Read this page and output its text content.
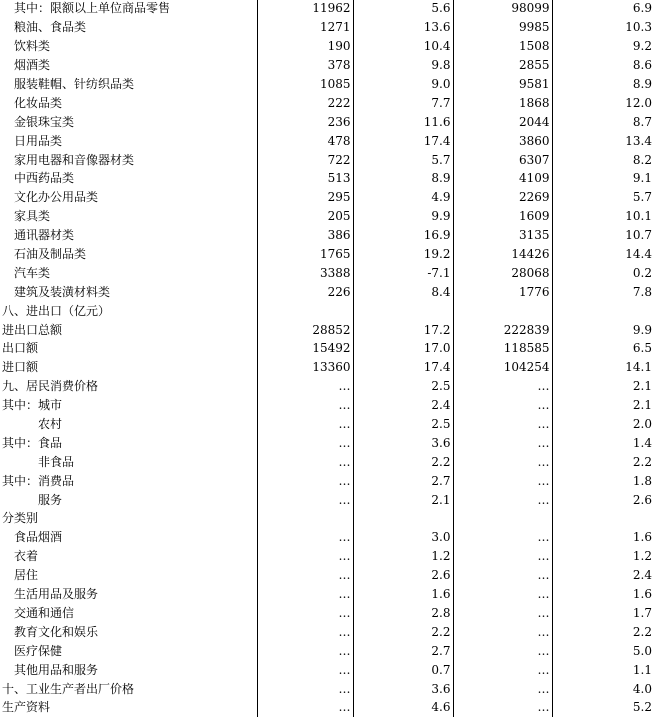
其中：限额以上单位商品零售	11962	5.6	98099	6.9
粮油、食品类	1271	13.6	9985	10.3
饮料类	190	10.4	1508	9.2
烟酒类	378	9.8	2855	8.6
服装鞋帽、针纺织品类	1085	9.0	9581	8.9
化妆品类	222	7.7	1868	12.0
金银珠宝类	236	11.6	2044	8.7
日用品类	478	17.4	3860	13.4
家用电器和音像器材类	722	5.7	6307	8.2
中西药品类	513	8.9	4109	9.1
文化办公用品类	295	4.9	2269	5.7
家具类	205	9.9	1609	10.1
通讯器材类	386	16.9	3135	10.7
石油及制品类	1765	19.2	14426	14.4
汽车类	3388	-7.1	28068	0.2
建筑及装潢材料类	226	8.4	1776	7.8
八、进出口（亿元）				
进出口总额	28852	17.2	222839	9.9
出口额	15492	17.0	118585	6.5
进口额	13360	17.4	104254	14.1
九、居民消费价格	…	2.5	…	2.1
其中：城市	…	2.4	…	2.1
农村	…	2.5	…	2.0
其中：食品	…	3.6	…	1.4
非食品	…	2.2	…	2.2
其中：消费品	…	2.7	…	1.8
服务	…	2.1	…	2.6
分类别				
食品烟酒	…	3.0	…	1.6
衣着	…	1.2	…	1.2
居住	…	2.6	…	2.4
生活用品及服务	…	1.6	…	1.6
交通和通信	…	2.8	…	1.7
教育文化和娱乐	…	2.2	…	2.2
医疗保健	…	2.7	…	5.0
其他用品和服务	…	0.7	…	1.1
十、工业生产者出厂价格	…	3.6	…	4.0
生产资料	…	4.6	…	5.2
